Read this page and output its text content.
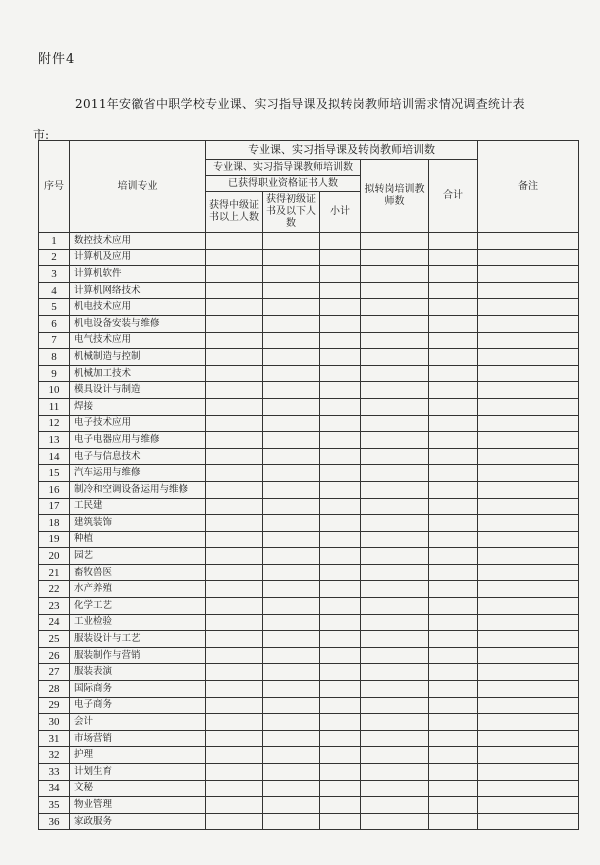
附件4
2011年安徽省中职学校专业课、实习指导课及拟转岗教师培训需求情况调查统计表
市:
序号	培训专业	专业课、实习指导课及转岗教师培训数					备注
		专业课、实习指导课教师培训数			拟转岗培训教师数	合计	
		已获得职业资格证书人数					
		获得中级证书以上人数	获得初级证书及以下人数	小计			
1	数控技术应用						
2	计算机及应用						
3	计算机软件						
4	计算机网络技术						
5	机电技术应用						
6	机电设备安装与维修						
7	电气技术应用						
8	机械制造与控制						
9	机械加工技术						
10	模具设计与制造						
11	焊接						
12	电子技术应用						
13	电子电器应用与维修						
14	电子与信息技术						
15	汽车运用与维修						
16	制冷和空调设备运用与维修						
17	工民建						
18	建筑装饰						
19	种植						
20	园艺						
21	畜牧兽医						
22	水产养殖						
23	化学工艺						
24	工业检验						
25	服装设计与工艺						
26	服装制作与营销						
27	服装表演						
28	国际商务						
29	电子商务						
30	会计						
31	市场营销						
32	护理						
33	计划生育						
34	文秘						
35	物业管理						
36	家政服务						
